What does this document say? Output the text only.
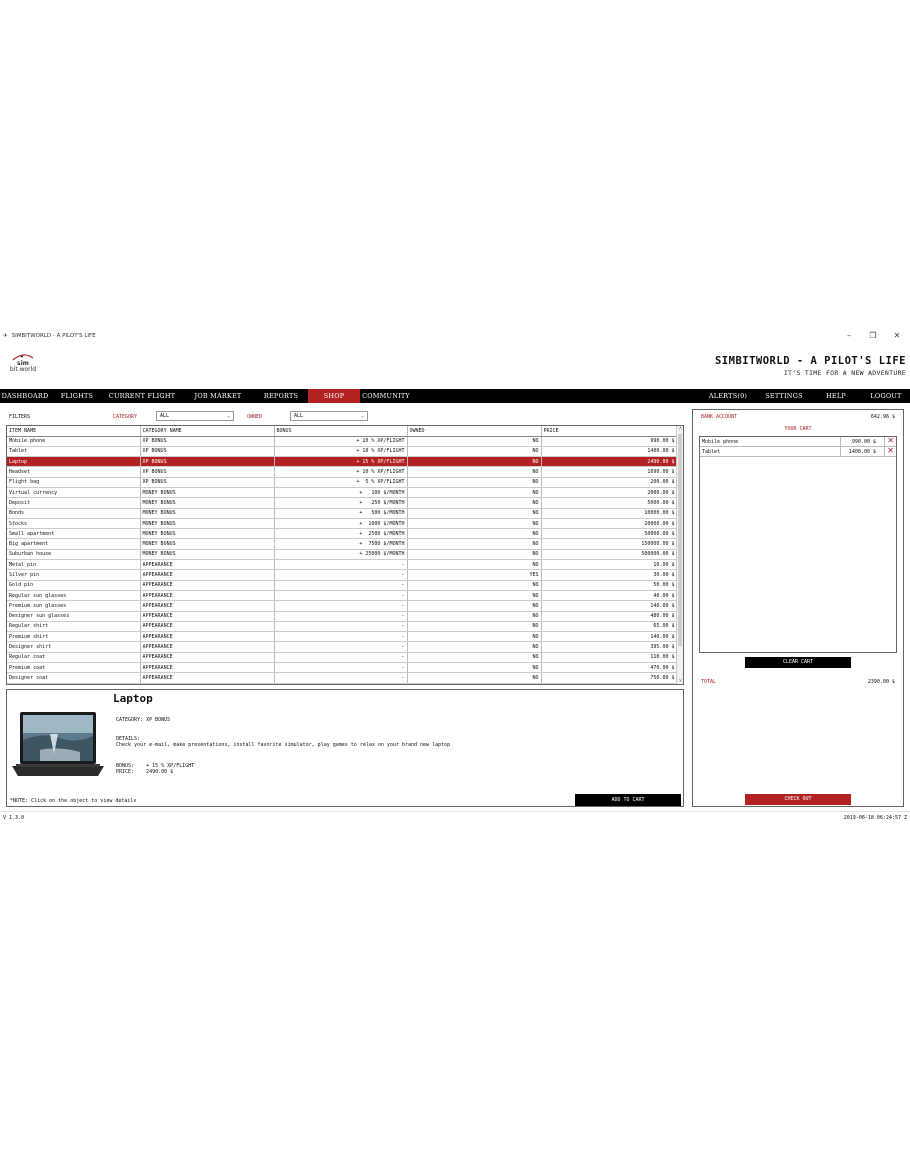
✈ SIMBITWORLD - A PILOT'S LIFE	–	❐	✕
sim
bit world
SIMBITWORLD - A PILOT'S LIFE
IT'S TIME FOR A NEW ADVENTURE
DASHBOARD	FLIGHTS	CURRENT FLIGHT	JOB MARKET	REPORTS	SHOP	COMMUNITY	ALERTS(0)	SETTINGS	HELP	LOGOUT
FILTERS	CATEGORY	ALL	⌄	OWNED	ALL	⌄
ITEM NAME	CATEGORY NAME	BONUS	OWNED	PRICE
Mobile phone	XP BONUS	+ 10 % XP/FLIGHT	NO	990.00 $
Tablet	XP BONUS	+ 10 % XP/FLIGHT	NO	1400.00 $
Laptop	XP BONUS	+ 15 % XP/FLIGHT	NO	2490.00 $
Headset	XP BONUS	+ 10 % XP/FLIGHT	NO	1090.00 $
Flight bag	XP BONUS	+  5 % XP/FLIGHT	NO	200.00 $
Virtual currency	MONEY BONUS	+   100 $/MONTH	NO	2000.00 $
Deposit	MONEY BONUS	+   250 $/MONTH	NO	5000.00 $
Bonds	MONEY BONUS	+   500 $/MONTH	NO	10000.00 $
Stocks	MONEY BONUS	+  1000 $/MONTH	NO	20000.00 $
Small apartment	MONEY BONUS	+  2500 $/MONTH	NO	50000.00 $
Big apartment	MONEY BONUS	+  7500 $/MONTH	NO	150000.00 $
Suburban house	MONEY BONUS	+ 25000 $/MONTH	NO	500000.00 $
Metal pin	APPEARANCE	-	NO	10.00 $
Silver pin	APPEARANCE	-	YES	30.00 $
Gold pin	APPEARANCE	-	NO	50.00 $
Regular sun glasses	APPEARANCE	-	NO	40.00 $
Premium sun glasses	APPEARANCE	-	NO	140.00 $
Designer sun glasses	APPEARANCE	-	NO	480.00 $
Regular shirt	APPEARANCE	-	NO	65.00 $
Premium shirt	APPEARANCE	-	NO	140.00 $
Designer shirt	APPEARANCE	-	NO	395.00 $
Regular coat	APPEARANCE	-	NO	110.00 $
Premium coat	APPEARANCE	-	NO	470.00 $
Designer coat	APPEARANCE	-	NO	750.00 $
˄
˅
Laptop
CATEGORY: XP BONUS
DETAILS:
Check your e-mail, make presentations, install favorite simulator, play games to relax on your brand new laptop
BONUS:    + 15 % XP/FLIGHT
PRICE:    2490.00 $
*NOTE: Click on the object to view details	ADD TO CART
BANK ACCOUNT	642.96 $
YOUR CART
Mobile phone	990.00 $ ✕
Tablet	1400.00 $ ✕
CLEAR CART
TOTAL	2390.00 $
CHECK OUT
V 1.3.0	2019-06-18 06:24:57 Z
